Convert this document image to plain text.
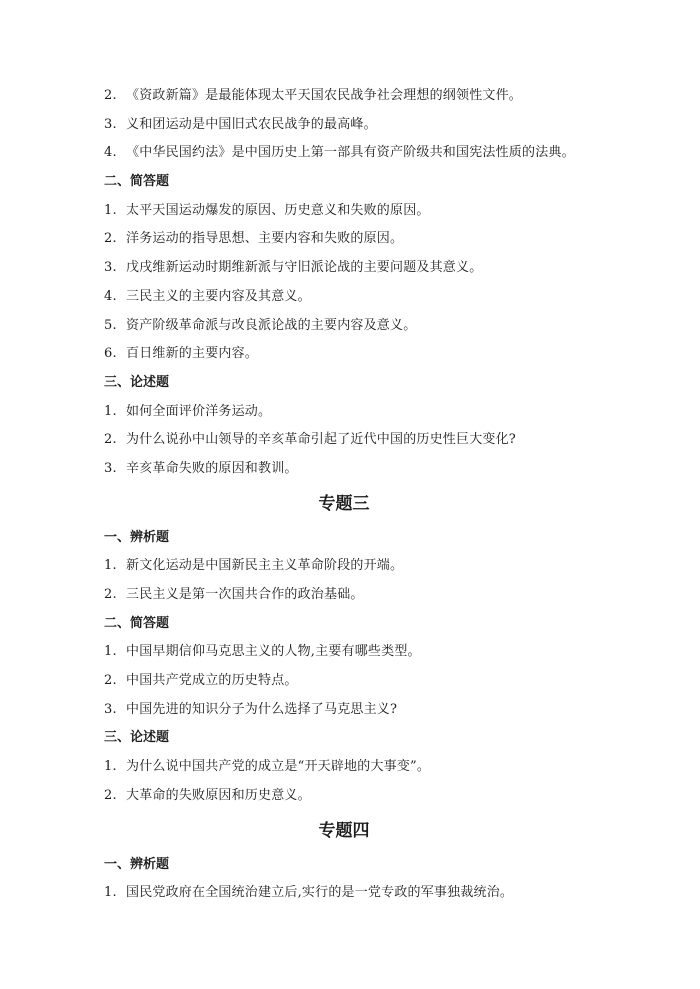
2. 《资政新篇》是最能体现太平天国农民战争社会理想的纲领性文件。
3. 义和团运动是中国旧式农民战争的最高峰。
4. 《中华民国约法》是中国历史上第一部具有资产阶级共和国宪法性质的法典。
二、简答题
1. 太平天国运动爆发的原因、历史意义和失败的原因。
2. 洋务运动的指导思想、主要内容和失败的原因。
3. 戊戌维新运动时期维新派与守旧派论战的主要问题及其意义。
4. 三民主义的主要内容及其意义。
5. 资产阶级革命派与改良派论战的主要内容及意义。
6. 百日维新的主要内容。
三、论述题
1. 如何全面评价洋务运动。
2. 为什么说孙中山领导的辛亥革命引起了近代中国的历史性巨大变化?
3. 辛亥革命失败的原因和教训。
专题三
一、辨析题
1. 新文化运动是中国新民主主义革命阶段的开端。
2. 三民主义是第一次国共合作的政治基础。
二、简答题
1. 中国早期信仰马克思主义的人物,主要有哪些类型。
2. 中国共产党成立的历史特点。
3. 中国先进的知识分子为什么选择了马克思主义?
三、论述题
1. 为什么说中国共产党的成立是“开天辟地的大事变”。
2. 大革命的失败原因和历史意义。
专题四
一、辨析题
1. 国民党政府在全国统治建立后,实行的是一党专政的军事独裁统治。
